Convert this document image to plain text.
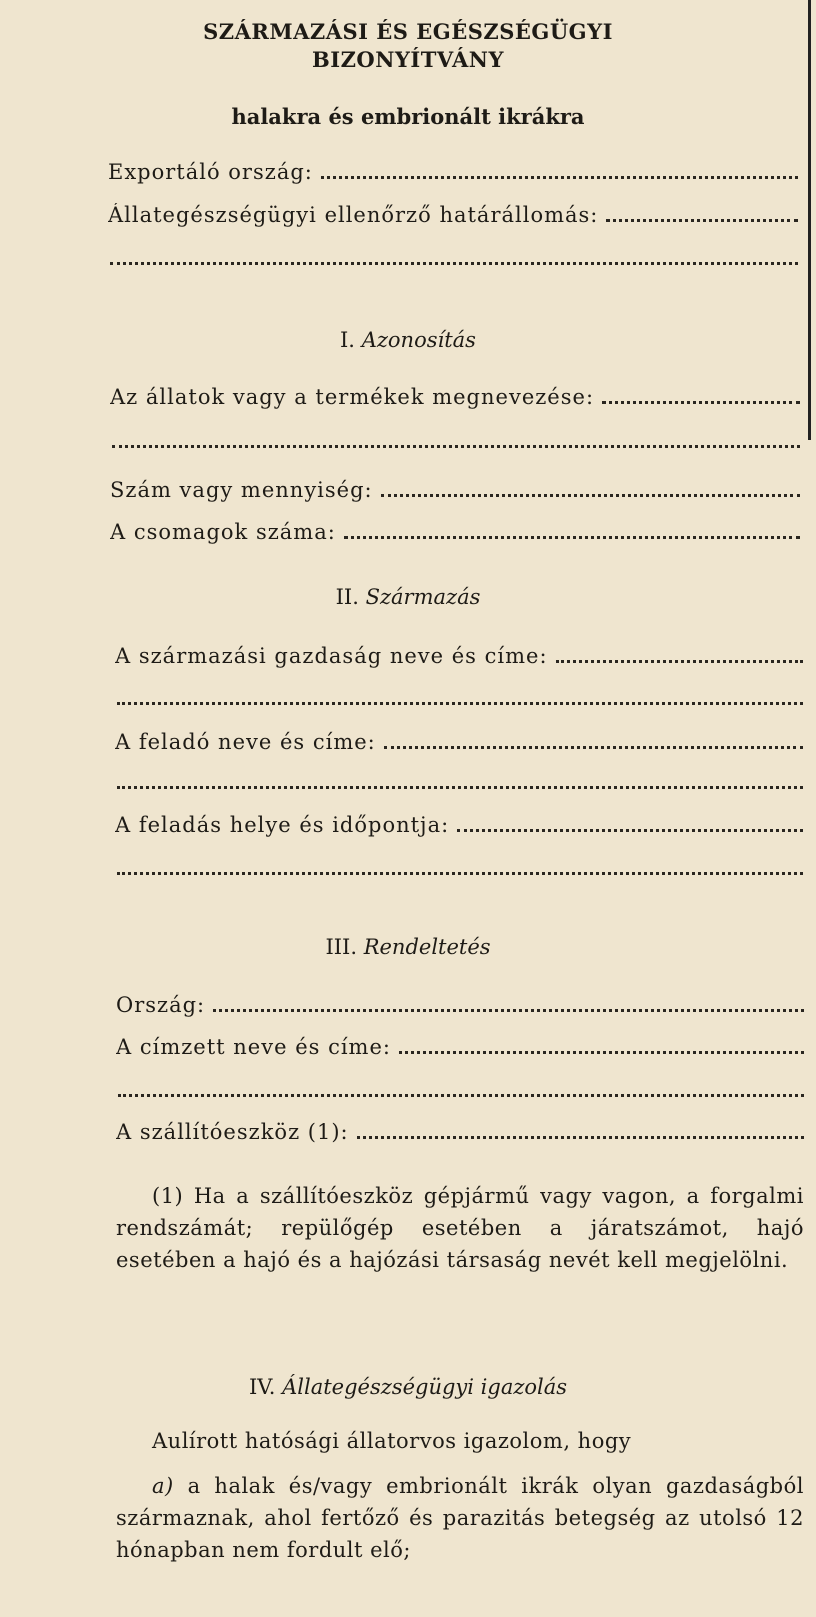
SZÁRMAZÁSI ÉS EGÉSZSÉGÜGYI
BIZONYÍTVÁNY
halakra és embrionált ikrákra
Exportáló ország:
Állategészségügyi ellenőrző határállomás:
I. Azonosítás
Az állatok vagy a termékek megnevezése:
Szám vagy mennyiség:
A csomagok száma:
II. Származás
A származási gazdaság neve és címe:
A feladó neve és címe:
A feladás helye és időpontja:
III. Rendeltetés
Ország:
A címzett neve és címe:
A szállítóeszköz (1):
(1) Ha a szállítóeszköz gépjármű vagy vagon, a forgalmi rendszámát; repülőgép esetében a járatszámot, hajó esetében a hajó és a hajózási társaság nevét kell megjelölni.
IV. Állategészségügyi igazolás
Aulírott hatósági állatorvos igazolom, hogy
a) a halak és/vagy embrionált ikrák olyan gazdaságból származnak, ahol fertőző és parazitás betegség az utolsó 12 hónapban nem fordult elő;
